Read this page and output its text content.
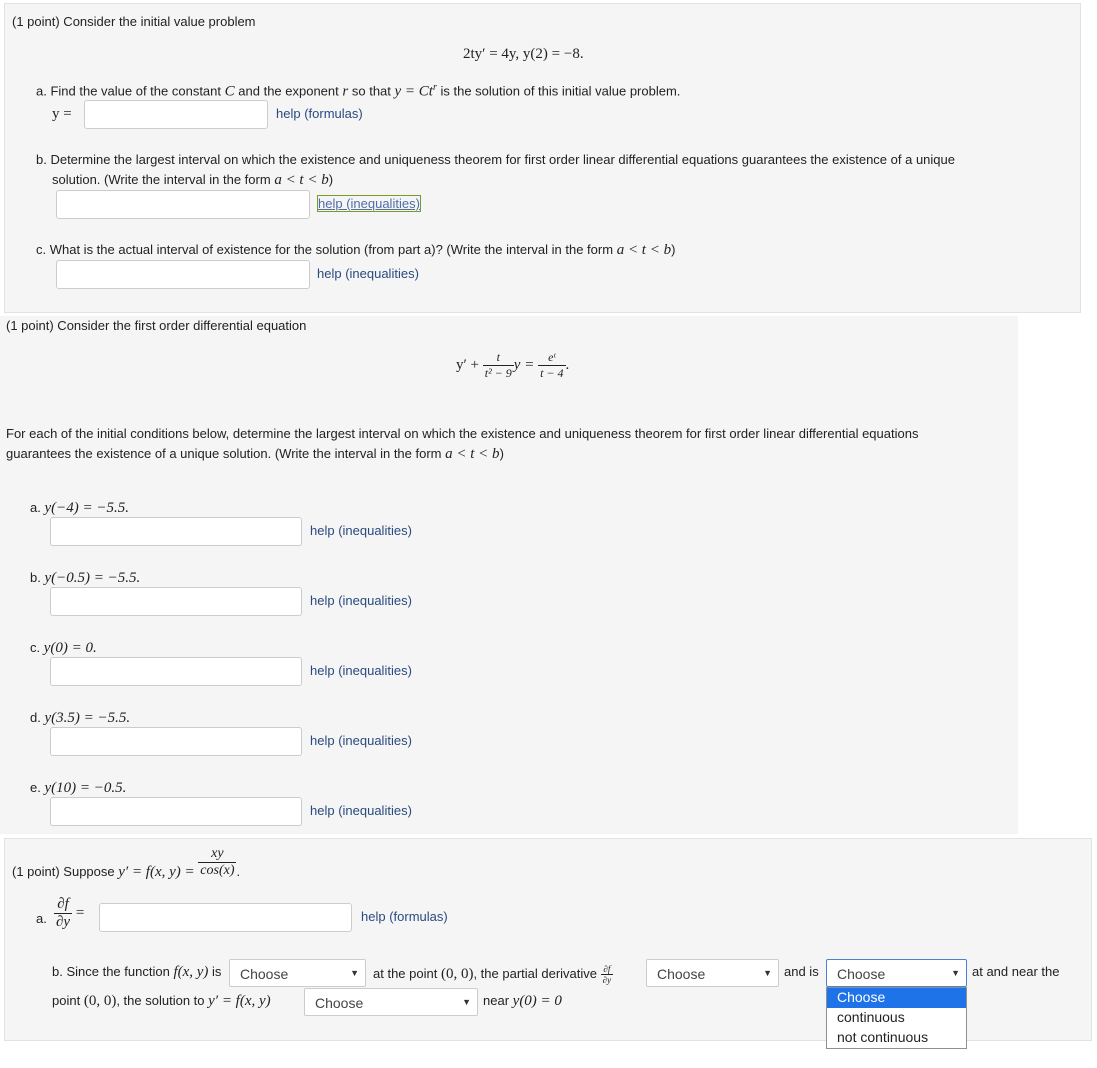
(1 point) Consider the initial value problem
2ty′ = 4y, y(2) = −8.
a. Find the value of the constant C and the exponent r so that $y = Ct^r$ is the solution of this initial value problem.
y =	help (formulas)
b. Determine the largest interval on which the existence and uniqueness theorem for first order linear differential equations guarantees the existence of a unique
solution. (Write the interval in the form a < t < b)
help (inequalities)
c. What is the actual interval of existence for the solution (from part a)? (Write the interval in the form a < t < b)
help (inequalities)
(1 point) Consider the first order differential equation
$y' + \frac{t}{\text{t² − 9}}$ $y = \frac{\text{eᵗ}}{t - 4}$ .
For each of the initial conditions below, determine the largest interval on which the existence and uniqueness theorem for first order linear differential equations
guarantees the existence of a unique solution. (Write the interval in the form a < t < b)
a. y(−4) = −5.5.
help (inequalities)
b. y(−0.5) = −5.5.
help (inequalities)
c. y(0) = 0.
help (inequalities)
d. y(3.5) = −5.5.
help (inequalities)
e. y(10) = −0.5.
help (inequalities)
(1 point) Suppose y′ = f(x, $y) = \frac{xy}{\cos(x)}$ .
a. $\frac{\partial f}{\partial y}$ =	help (formulas)
b. Since the function f(x, y) is	Choose	▼ at the point (0, 0), the partial derivative $\frac{\partial f}{\partial y}$	Choose	▼ and is	Choose	▼ at and near the
point (0, 0), the solution to y′ = f(x, y)	Choose	▼ near y(0) = 0	Choose
continuous
not continuous
